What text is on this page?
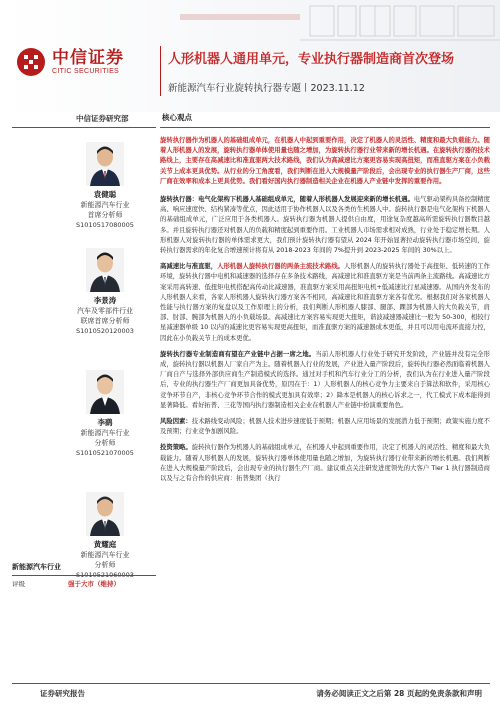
中信证券
CITIC SECURITIES
人形机器人通用单元，专业执行器制造商首次登场
新能源汽车行业旋转执行器专题丨2023.11.12
中信证券研究部
袁健聪
新能源汽车行业
首席分析师
S1010517080005
李景涛
汽车及零部件行业
联席首席分析师
S1010520120003
李鹞
新能源汽车行业
分析师
S1010521070005
黄耀庭
新能源汽车行业
分析师
S1010521060003
新能源汽车行业
评级	强于大市（维持）
核心观点

旋转执行器作为机器人的基础组成单元，在机器人中起到重要作用，决定了机器人的灵活性、精度和最大负载能力。随着人形机器人的发展，旋转执行器单体使用量也随之增加，为旋转执行器行业带来新的增长机遇。在旋转执行器的技术路线上，主要存在高减速比和准直驱两大技术路线，我们认为高减速比方案更容易实现高扭矩，而准直驱方案在小负载关节上成本更具优势。从行业的分工角度看，我们判断在进入大规模量产阶段后，会出现专业的执行器生产厂商，这些厂商在效率和成本上更具优势。我们看好国内执行器制造相关企业在机器人产业链中发挥的重要作用。

旋转执行器：电气化架构下机器人基础组成单元，随着人形机器人发展迎来新的增长机遇。电气驱动架构具备控制精度高、响应速度快、结构紧凑等优点，因此适用于协作机器人以及各类仿生机器人中。旋转执行器是电气化架构下机器人的基础组成单元，广泛应用于各类机器人。旋转执行器为机器人提供自由度，用途复杂度越高所需旋转执行器数目越多。并且旋转执行器还对机器人的负载和精度起到重要作用。工业机器人市场需求相对成熟，行业处于稳定增长期。人形机器人对旋转执行器的单体需求更大，我们预计旋转执行器有望从 2024 年开始显著拉动旋转执行器市场空间，旋转执行器需求的年化复合增速预计将有从 2018-2023 年间的 7%提升到 2023-2025 年间的 30%以上。

高减速比与准直驱，人形机器人旋转执行器的两条主流技术路线。人形机器人的旋转执行器处于高扭矩、低转速的工作环境，旋转执行器中电机和减速器的选择存在多条技术路线，高减速比和准直驱方案是当前两条主流路线。高减速比方案采用高转速、低扭矩电机搭配高传动比减速器，准直驱方案采用高扭矩电机+低减速比行星减速器。从国内外发布的人形机器人来看，各家人形机器人旋转执行器方案各不相同，高减速比和准直驱方案各有优劣。根据我们对各家机器人性能与执行器方案的复盘以及工作原理上的分析，我们判断人形机器人膝部、腿部、踝部为机器人的大负载关节，肩部、肘部、腕部为机器人的小负载场景。高减速比方案容易实现更大扭矩，谐波减速器减速比一般为 50-300，相较行星减速器单级 10 以内的减速比更容易实现更高扭矩，而准直驱方案的减速器成本更低，并且可以用电流环直接力控，因此在小负载关节上的成本更优。

旋转执行器专业制造商有望在产业链中占据一席之地。当前人形机器人行业处于研究开发阶段，产业链并没有完全形成，旋转执行器以机器人厂家自产为主。随着机器人行业的发展，产业进入量产阶段后，旋转执行器必然面临着机器人厂商自产与选择外部供应商生产制造模式的选择。通过对手机和汽车行业分工的分析，我们认为在行业进入量产阶段后，专业的执行器生产厂商更加具备优势，原因在于：1）人形机器人的核心竞争力主要来自于算法和软件，采用核心竞争环节自产，非核心竞争环节合作的模式更加具有效率；2）降本是机器人的核心诉求之一，代工模式下成本能得到显著降低。看好拓普、三花等国内执行器制造相关企业在机器人产业链中扮演重要角色。

风险因素：技术路线变动风险；机器人技术进步速度低于预期；机器人应用场景的发展潜力低于预期；政策实施力度不及预期；行业竞争加剧风险。

投资策略。旋转执行器作为机器人的基础组成单元，在机器人中起到重要作用，决定了机器人的灵活性、精度和最大负载能力。随着人形机器人的发展，旋转执行器单体使用量也随之增加，为旋转执行器行业带来新的增长机遇。我们判断在进入大规模量产阶段后，会出现专业的执行器生产厂商。建议重点关注研发进度领先的大客户 Tier 1 执行器制造商以及与之有合作的供应商：拓普集团（执行

证券研究报告	请务必阅读正文之后第 28 页起的免责条款和声明
